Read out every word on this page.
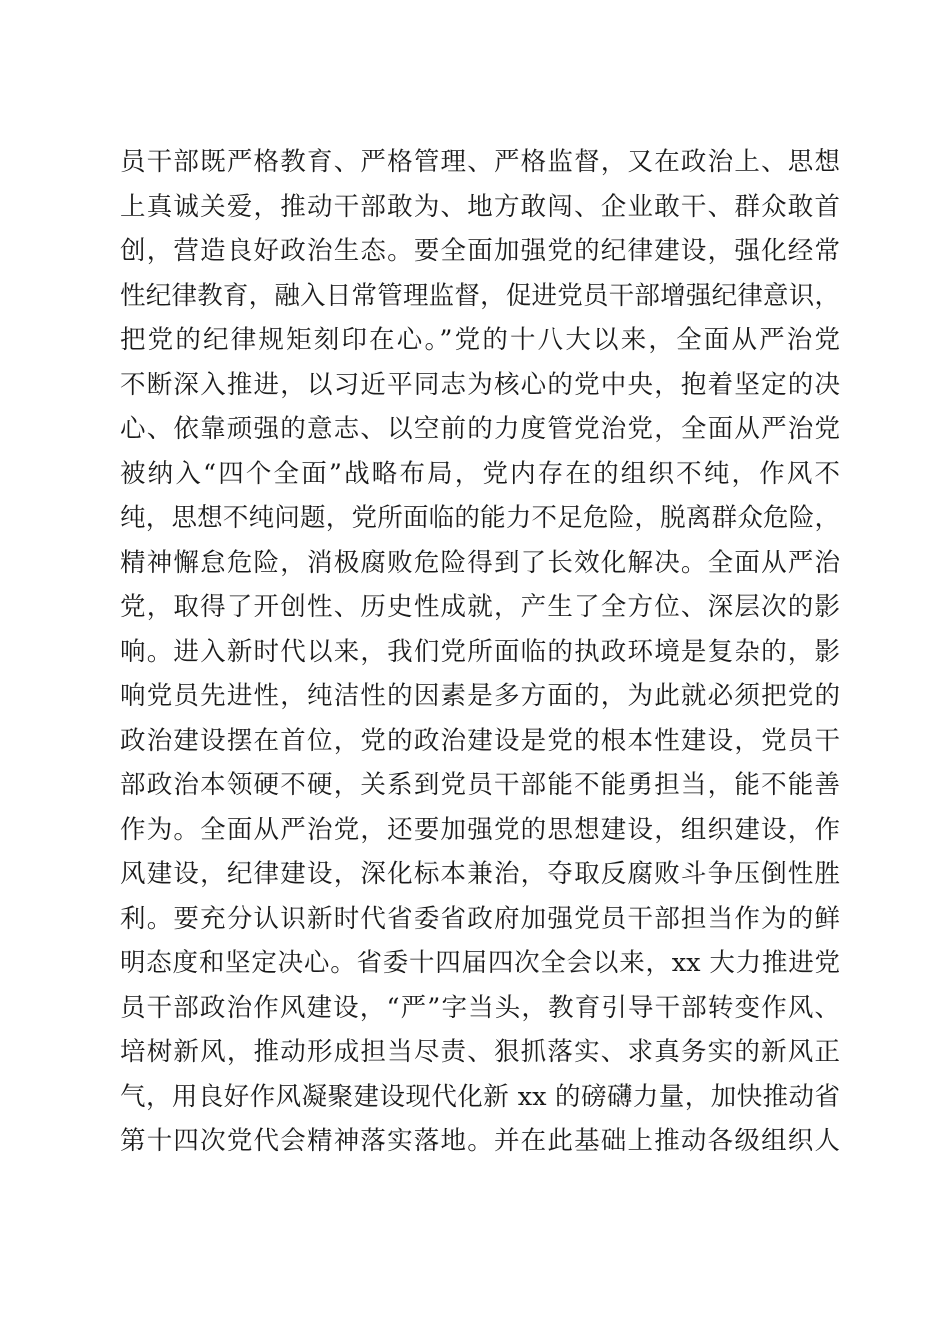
员干部既严格教育、严格管理、严格监督，又在政治上、思想
上真诚关爱，推动干部敢为、地方敢闯、企业敢干、群众敢首
创，营造良好政治生态。要全面加强党的纪律建设，强化经常
性纪律教育，融入日常管理监督，促进党员干部增强纪律意识，
把党的纪律规矩刻印在心。”党的十八大以来，全面从严治党
不断深入推进，以习近平同志为核心的党中央，抱着坚定的决
心、依靠顽强的意志、以空前的力度管党治党，全面从严治党
被纳入“四个全面”战略布局，党内存在的组织不纯，作风不
纯，思想不纯问题，党所面临的能力不足危险，脱离群众危险，
精神懈怠危险，消极腐败危险得到了长效化解决。全面从严治
党，取得了开创性、历史性成就，产生了全方位、深层次的影
响。进入新时代以来，我们党所面临的执政环境是复杂的，影
响党员先进性，纯洁性的因素是多方面的，为此就必须把党的
政治建设摆在首位，党的政治建设是党的根本性建设，党员干
部政治本领硬不硬，关系到党员干部能不能勇担当，能不能善
作为。全面从严治党，还要加强党的思想建设，组织建设，作
风建设，纪律建设，深化标本兼治，夺取反腐败斗争压倒性胜
利。要充分认识新时代省委省政府加强党员干部担当作为的鲜
明态度和坚定决心。省委十四届四次全会以来，xx 大力推进党
员干部政治作风建设，“严”字当头，教育引导干部转变作风、
培树新风，推动形成担当尽责、狠抓落实、求真务实的新风正
气，用良好作风凝聚建设现代化新 xx 的磅礴力量，加快推动省
第十四次党代会精神落实落地。并在此基础上推动各级组织人
